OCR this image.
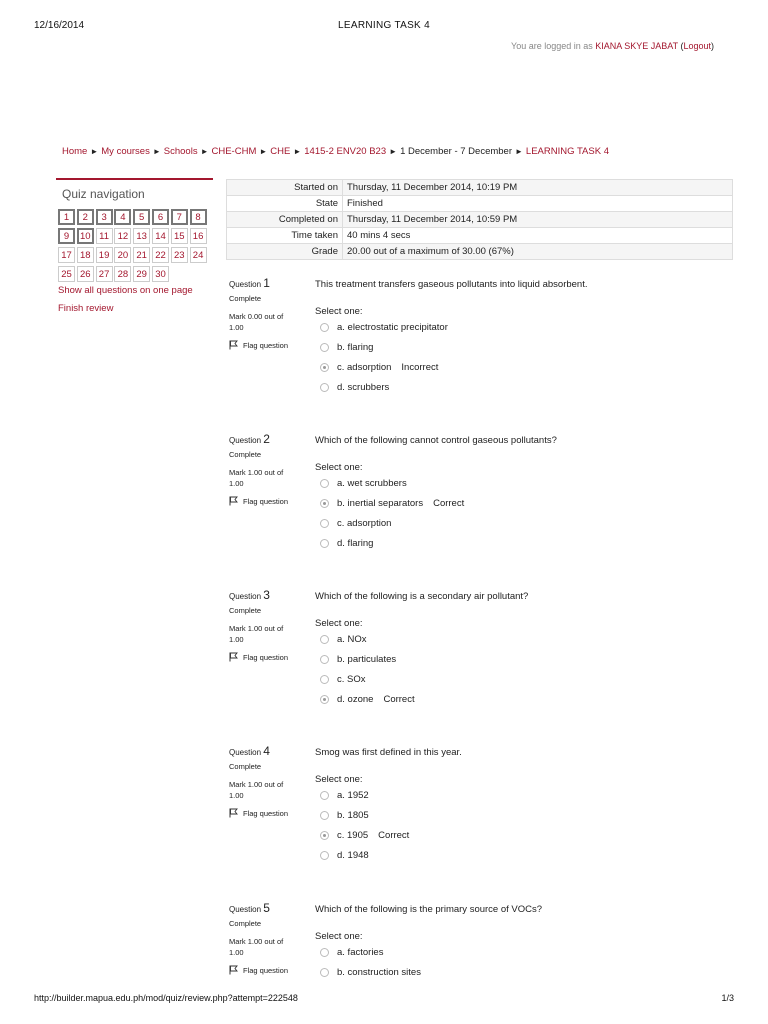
12/16/2014	LEARNING TASK 4
You are logged in as KIANA SKYE JABAT (Logout)
Home ► My courses ► Schools ► CHE-CHM ► CHE ► 1415-2 ENV20 B23 ► 1 December - 7 December ► LEARNING TASK 4
Quiz navigation
1	2	3	4	5	6	7	8
9	10 11 12 13 14 15 16
17 18 19 20 21 22 23 24
25 26 27 28 29 30
Show all questions on one page
Finish review
Started on	Thursday, 11 December 2014, 10:19 PM
State	Finished
Completed on	Thursday, 11 December 2014, 10:59 PM
Time taken	40 mins 4 secs
Grade	20.00 out of a maximum of 30.00 (67%)
Question 1
Complete
Mark 0.00 out of 1.00
Flag question
This treatment transfers gaseous pollutants into liquid absorbent.
Select one:
a. electrostatic precipitator
b. flaring
c. adsorption Incorrect
d. scrubbers
Question 2
Complete
Mark 1.00 out of 1.00
Flag question
Which of the following cannot control gaseous pollutants?
Select one:
a. wet scrubbers
b. inertial separators Correct
c. adsorption
d. flaring
Question 3
Complete
Mark 1.00 out of 1.00
Flag question
Which of the following is a secondary air pollutant?
Select one:
a. NOx
b. particulates
c. SOx
d. ozone Correct
Question 4
Complete
Mark 1.00 out of 1.00
Flag question
Smog was first defined in this year.
Select one:
a. 1952
b. 1805
c. 1905 Correct
d. 1948
Question 5
Complete
Mark 1.00 out of 1.00
Flag question
Which of the following is the primary source of VOCs?
Select one:
a. factories
b. construction sites
http://builder.mapua.edu.ph/mod/quiz/review.php?attempt=222548	1/3
